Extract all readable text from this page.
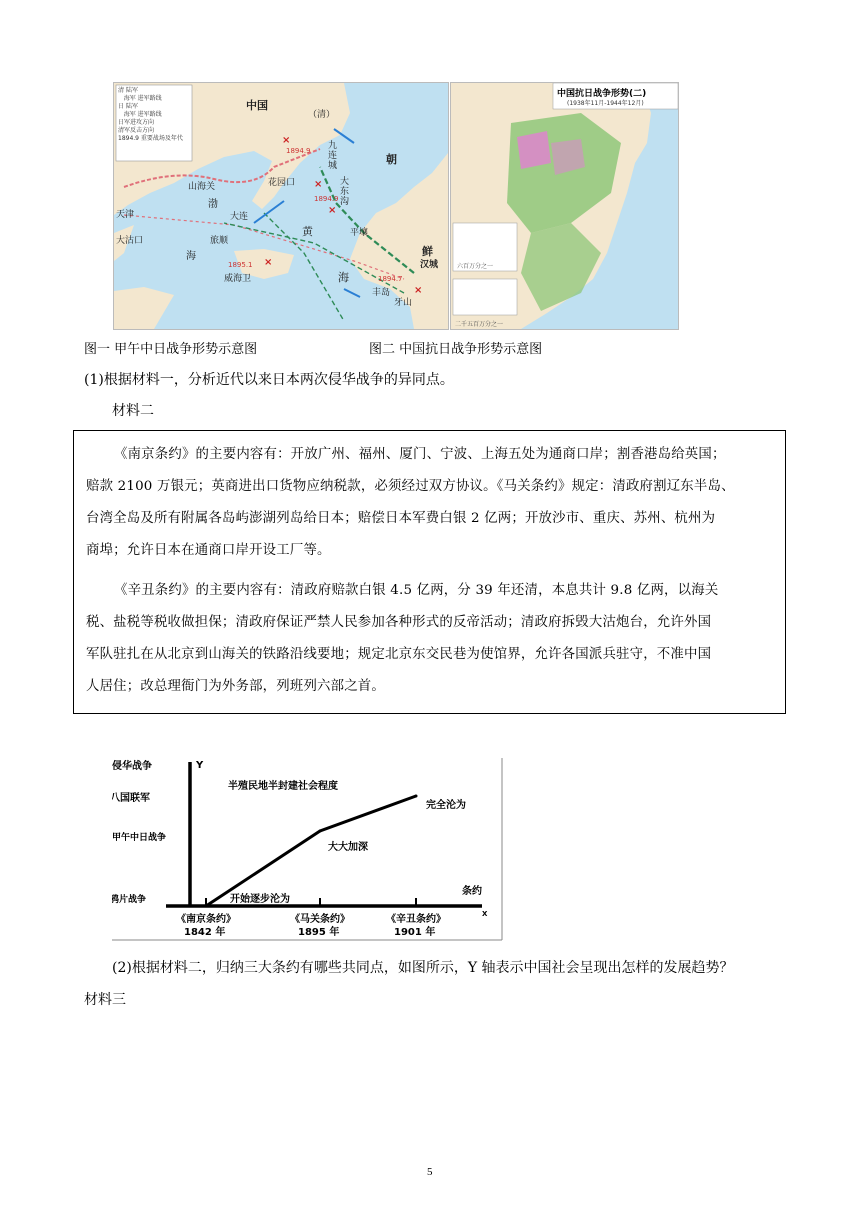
×
×
×
×
×
清 陆军
海军 进军路线
日 陆军
海军 进军路线
日军进攻方向
清军反击方向
1894.9 重要战场及年代
中国
（清）
朝
鲜
天津
山海关
大沽口	旅顺
大连
花园口
九连城
大东沟
平壤
汉城
威海卫
丰岛
牙山
渤
海
黄
海
1894.9
1894.9
1895.1
1894.7
中国抗日战争形势(二)
(1938年11月-1944年12月)
六百万分之一
二千五百万分之一
图一 甲午中日战争形势示意图	图二 中国抗日战争形势示意图
(1)根据材料一，分析近代以来日本两次侵华战争的异同点。
材料二

《南京条约》的主要内容有：开放广州、福州、厦门、宁波、上海五处为通商口岸；割香港岛给英国；

赔款 2100 万银元；英商进出口货物应纳税款，必须经过双方协议。《马关条约》规定：清政府割辽东半岛、

台湾全岛及所有附属各岛屿澎湖列岛给日本；赔偿日本军费白银 2 亿两；开放沙市、重庆、苏州、杭州为

商埠；允许日本在通商口岸开设工厂等。

《辛丑条约》的主要内容有：清政府赔款白银 4.5 亿两，分 39 年还清，本息共计 9.8 亿两，以海关

税、盐税等税收做担保；清政府保证严禁人民参加各种形式的反帝活动；清政府拆毁大沽炮台，允许外国

军队驻扎在从北京到山海关的铁路沿线要地；规定北京东交民巷为使馆界，允许各国派兵驻守，不准中国

人居住；改总理衙门为外务部，列班列六部之首。

Y
X
侵华战争
条约
半殖民地半封建社会程度
鸦片战争
甲午中日战争
八国联军
《南京条约》
1842 年
《马关条约》
1895 年
《辛丑条约》
1901 年
开始逐步沦为
大大加深
完全沦为
(2)根据材料二，归纳三大条约有哪些共同点，如图所示，Y 轴表示中国社会呈现出怎样的发展趋势？
材料三
5
